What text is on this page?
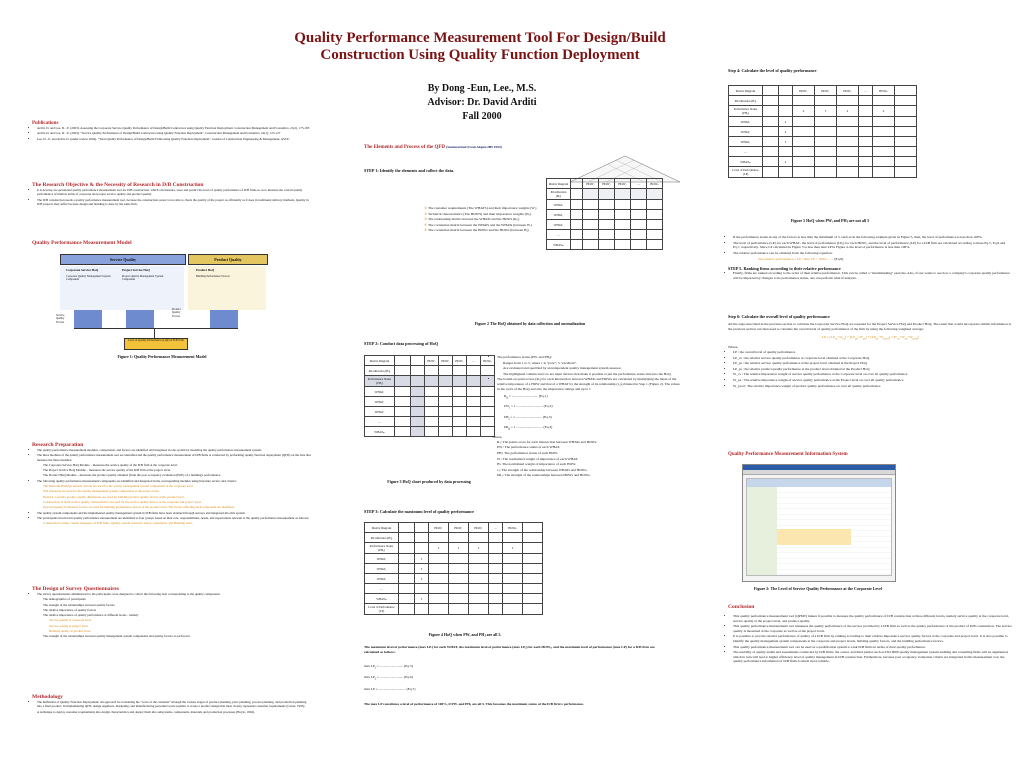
Quality Performance Measurement Tool For Design/Build
Construction Using Quality Function Deployment
By Dong -Eun, Lee., M.S.
Advisor: Dr. David Arditi
Fall 2000
Publications
• Arditi, D. and Lee, D. -E. (2003). Assessing the Corporate Service Quality Performance of Design/Build Contractors using Quality Function Deployment. Construction Management and Economics, 21(2), 175-185
• Arditi, D. and Lee, D. -E. (2004). "Service Quality Performance of Design/Build Contractors using Quality Function Deployment", Construction Management and Economics, 22(1), 123-127
• Lee, D. -E. and Arditi, D. (under review 2004). "Total Quality Performance of Design/Build Firms using Quality Function Deployment", Journal of Construction Engineering & Management, ASCE.
The Research Objective & the Necessity of Research in D/B Construction
• It is develop an operational quality performance measurement tool for D/B construction, which can measure, store and predict the level of quality performance of D/B firms so as to measure the overall quality performance of them in terms of corporate and project service quality and product quality.
• The D/B construction needs a quality performance measurement tool, because the construction owner is not able to check the quality of the project as efficiently as it does in traditional delivery methods. Quality in D/B projects may suffer because design and building is done by the same firm.
Quality Performance Measurement Model
Service Quality	Product Quality
Corporate Service HoQ	Project Service HoQ	Product HoQ
Corporate Quality Management System Component
Project Quality Management System Component
Building Performance Factors
Service Quality Factors
Product Quality Factors
Level of Quality Performance (LQP) of D/B Firm
Figure 1: Quality Performance Measurement Model
Research Preparation
• The quality performance measurement modules, components, and factors are identified and integrated in one system by modeling the quality performance measurement system.
• The three modules of the quality performance measurement tool are identified and the quality performance measurement of D/B firms is conducted by performing quality function deployment (QFD) on the data that measure the three modules:
The Corporate Service HoQ Module – measures the service quality of the D/B firm at the corporate level.
The Project Service HoQ Module – measures the service quality of the D/B firm at the project level.
The Product HoQ Module – measures the product quality obtained (from the post occupancy evaluation (POE) of a building's performance.
• The following quality performance measurement components are identified and integrated in the corresponding modules using literature review and criteria:
The Malcolm Baldrige Awards criteria are used for the quality management system components at the corporate level.
ISO standards are used for the quality management system components at the project level.
David A. Garvin's product quality dimensions are used for building product quality factors at the product level.
Construction, O & M service quality characteristics are used for the service quality factors at the corporate and project level.
Post Occupancy Evaluation factors are used for building performance factors at the product level. The factors affecting each component are identified.
• The quality system components and the implemented quality management system in D/B firms have been obtained through surveys and integrated into this system.
• The participants involved in quality performance measurement are identified as four groups based on their role, responsibilities, needs, and expectations relevant to the quality performance measurement as follows:
Construction owners, Senior managers of D/B firms, Quality system assessors and/or consultants, and Building users
The Design of Survey Questionnaires
• The survey questionnaires administered to the participants were designed to collect the following data corresponding to the quality components
The demographics of participants
The strength of the relationships between quality factors
The relative importance of quality factors
The relative importance of quality performance at different levels - namely
Service quality at corporate level
Service quality at project level
Building quality at product level
The strength of the relationships between quality management system components and quality factors at each level.
Methodology
• The Definition of Quality Function Deployment: An approach for translating the "voice of the customer" through the various stages of product planning, parts planning, process planning, and production planning into a final product. In implementing QFD, design engineers, marketing, and manufacturing personnel work together to create a product design that most closely represents customer requirements (Carter, 1993).
A technique to deploy customer requirements into design characteristics and deploy them into subsystems, components, materials and production processes (Hoyle, 1994).
The Elements and Process of the QFD (Summarized From Akgun HH 1994)
STEP 1: Identify the elements and collect the data.
① The customer requirements (The WHATS) and their importance weights (Wᵢ)
② Technical characteristics (The HOWS) and their importance weights (Wⱼ)
③ The relationship matrix between the WHATs and the HOWs (Rᵢⱼ)
④ The correlation matrix between the WHATs and the WHATs (between Wᵢ)
⑤ The correlation matrix between the HOWs and the HOWs (between Hⱼ)
Matrix Diagram		HOW₁	HOW₂	HOW₃	...	HOWₙ
Prioritization (Hⱼ)						
WHAT₁						
WHAT₂						
WHAT₃						
...						
WHATₘ						
Figure 2 The HoQ obtained by data collection and normalization
STEP 2: Conduct data processing of HoQ
Matrix Diagram			HOW₁	HOW₂	HOW₃	...	HOWₙ
Prioritization (Hⱼ)							
Performance Status (PHⱼ)							
WHAT₁							
WHAT₂							
WHAT₃							
...							
WHATₘ							
• The performance status (PWᵢ and PHⱼ):
Ranges from 1 to 5, where 1 is "poor"; 5 "excellent".
Are evaluated and specified by an independent quality management system assessor.
The highlighted column and row are input devices that make it possible to put the performance status data into the HoQ.
• The bound-on point scores (Rᵢⱼ) for each intersection between WHATs and HOWs are calculated by multiplying the mean of the relative importance of a HOW and that of a WHAT by the strength of its relationship (rᵢⱼ) obtained in Step 1 (Figure 2). The values in the roofs of the HoQ and also the importance ratings add up to 1
$R_{ij}$ = .............................. (Eq.1)
$\Sigma W_i = 1$ .............................. (Eq.2)
$\Sigma H_j = 1$ .............................. (Eq.3)
$\Sigma R_{ij} = 1$ .............................. (Eq.4)
Where,
Rᵢⱼ: The points score for each intersection between WHATs and HOWs.
PWᵢ: The performance status of each WHAT.
PHⱼ: The performance status of each HOW.
Wᵢ: The normalized weight of importance of each WHAT.
Hⱼ: The normalized weight of importance of each HOW.
rᵢⱼ: The strength of the relationship between WHATs and HOWs.
ΣRᵢⱼ: The strength of the relationships between HOWs and HOWs.
Figure 3 HoQ chart produced by data processing
STEP 3: Calculate the maximum level of quality performance
Matrix Diagram			HOW₁	HOW₂	HOW₃	...	HOWₙ	
Prioritization (Hⱼ)								
Performance Status (PHⱼ)			5	5	5		5	
WHAT₁		5						
WHAT₂		5						
WHAT₃		5						
...								
WHATₘ		5						
Level of Performance (LP)								
Figure 4 HoQ when PWᵢ and PHⱼ are all 5.
The maximum level of performance (max LPᵢ) for each WHAT, the maximum level of performance (max LPⱼ) for each HOWⱼ, and the maximum level of performance (max LP) for a D/B firm are calculated as follows:
$\max LP_i$ = ........................... (Eq.5)
$\max LP_j$ = ........................... (Eq.6)
max LP = ............................... (Eq.7)
The max LP constitutes a level of performance of 100%, if PWᵢ and PHⱼ are all 5. This becomes the maximum status of the D/B firm's performance.
Step 4: Calculate the level of quality performance
Matrix Diagram			HOW₁	HOW₂	HOW₃	...	HOWₙ	
Prioritization (Hⱼ)								
Performance Status (PHⱼ)			4	5	4		4	
WHAT₁		4						
WHAT₂		4						
WHAT₃		5						
...								
WHATₘ		4						
Level of Performance (LP)								
Figure 5 HoQ when PWᵢ and PHⱼ are not all 5
• If the performance status in any of the factors is less than the maximum of 5, such as in the following example given in Figure 5, then, the level of performance is less than 100%.
• The level of performance (LPᵢ) for each WHATᵢ, the level of performance (LPⱼ) for each HOWⱼ, and the level of performance (LP) for a D/B firm are calculated according to these Eq.5, Eq.6 and Eq.7, respectively. Since LP calculated in Figure 5 is less than max LP in Figure 4, the level of performance is less than 100%.
• The relative performance can be obtained from the following equation:
The relative performance = LP / max LP × 100% ....... (Eq.8)
STEP 5. Ranking firms according to their relative performance
• Finally, firms are ranked according to the order of their relative performance. This can be called a "benchmarking" exercise. Also, if one wants to see how a company's corporate quality performance will be impacted by changes to its performance status, one can perform what-if analysis.
Step 6: Calculate the overall level of quality performance
All the steps described in the previous section to calculate the Corporate Service HoQ are repeated for the Project Service HoQ and Product HoQ. The result that would incorporate similar information is the previous section can then used to calculate the overall level of quality performance of the firm by using the following weighted average:
LP = $[LP_{cs}\times W_{cs}] + [LP_{ps}\times W_{ps}] + [LP_{pr}\times W_{prod}] / (W_{cs}+W_{ps}+W_{prod})$
Where,
• LP : the overall level of quality performance
• LP_cs : the relative service quality performance at corporate level obtained at the Corporate HoQ
• LP_ps : the relative service quality performance at the project level obtained at the Project HoQ
• LP_pr : the relative product quality performance at the product level obtained at the Product HoQ
• W_cs : The relative importance weight of service quality performance at the Corporate level on over all quality performance
• W_ps : The relative importance weight of service quality performance at the Project level on over all quality performance
• W_prod : The relative importance weight of product quality performance on over all quality performance
Quality Performance Measurement Information System
Figure 2: The Level of Service Quality Performance at the Corporate Level
Conclusion
• This quality performance measurement tool (QPMT) makes it possible to measure the quality performance of D/B construction at three different levels, namely service quality at the corporate level, service quality at the project level, and product quality.
• This quality performance measurement tool measures the quality performance of the service provided by a D/B firm as well as the quality performance of the product of D/B construction. The service quality is measured at the corporate as well as at the project level.
• It is possible to plot the relative performance of quality of a D/B firm by ranking according to their relative importance service quality factors at the corporate and project level. It is also possible to identify the quality management system components at the corporate and project levels, building quality factors, and the building performance factors.
• This quality performance measurement tool can be used as a qualification system to rank D/B firms in terms of their quality performance.
• The usability of quality audits and assessments conducted by D/B firms, the owner, and third parties such as ISO 9000 quality management system auditing and consulting firms will be augmented, which in turn will lead to higher efficiency level of quality management in D/B construction. Furthermore, because post occupancy evaluation criteria are integrated in this measurement tool, the quality performance information of D/B firms is much more reliable.
